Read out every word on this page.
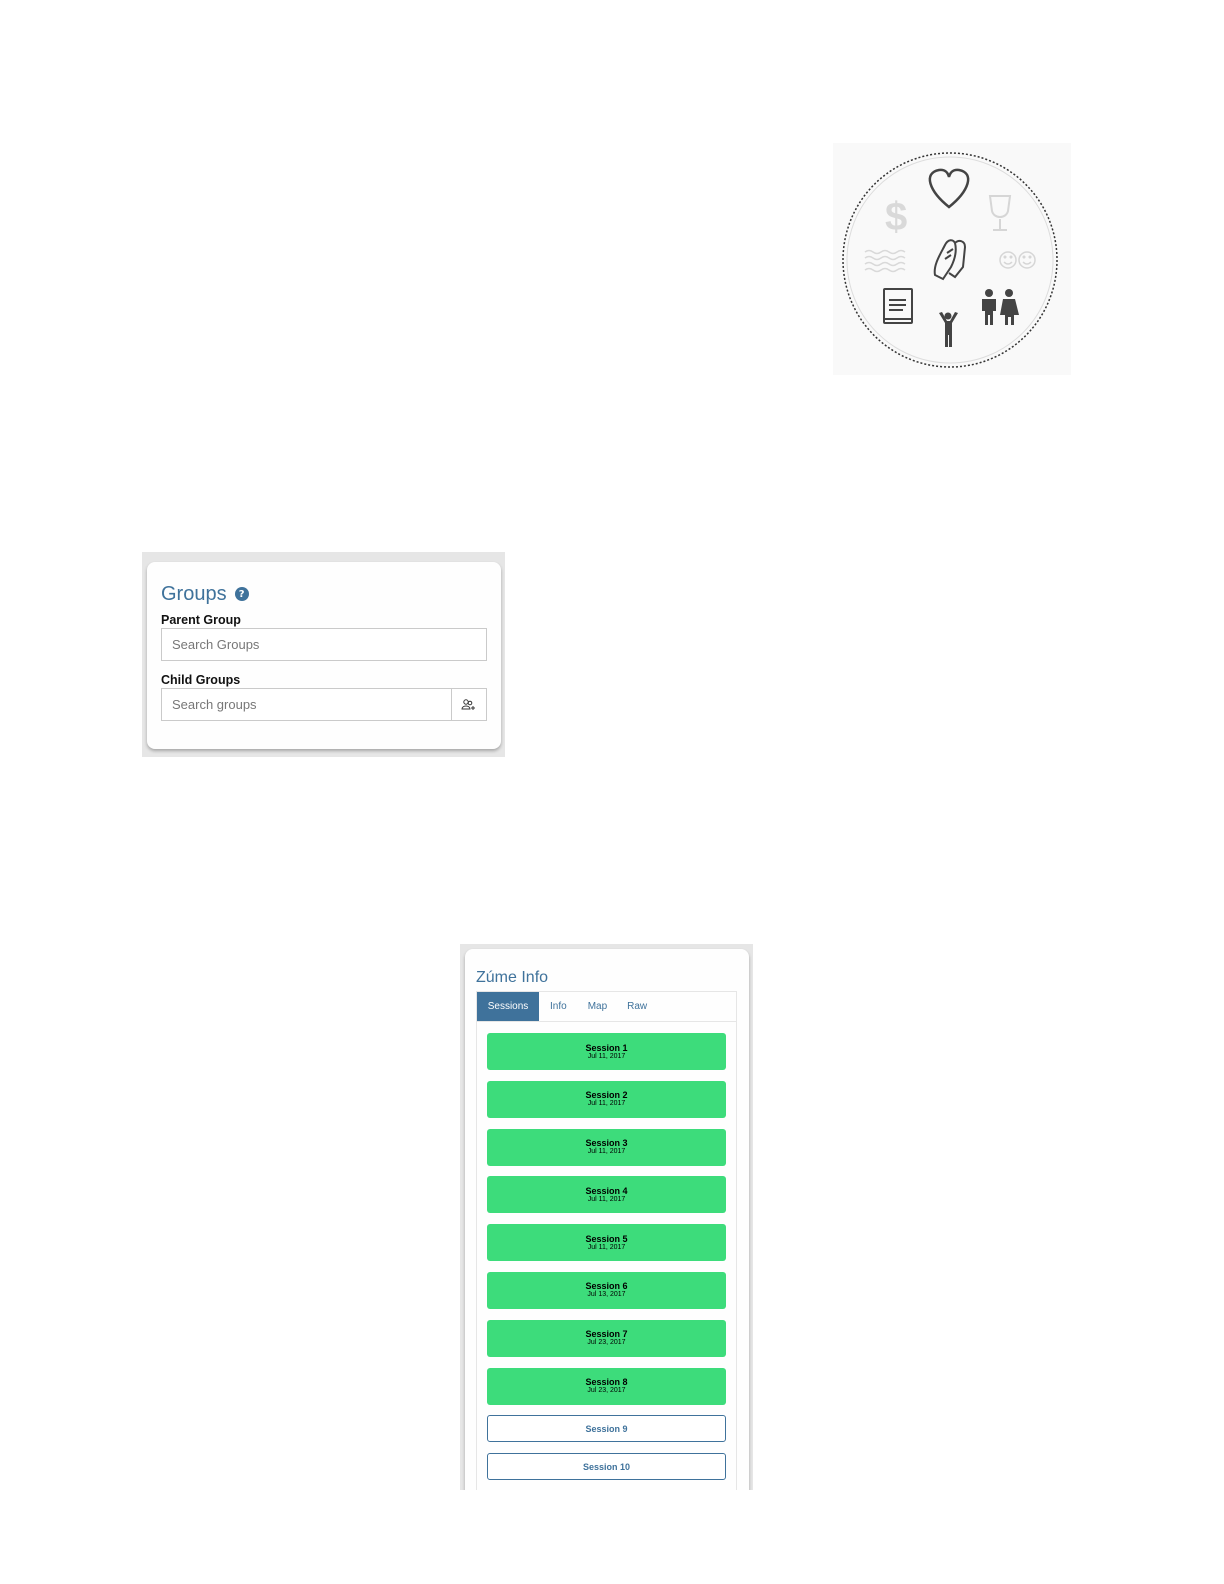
$
Groups	?
Parent Group
Search Groups
Child Groups
Search groups
Zúme Info
Sessions	Info	Map	Raw
Session 1
Jul 11, 2017
Session 2
Jul 11, 2017
Session 3
Jul 11, 2017
Session 4
Jul 11, 2017
Session 5
Jul 11, 2017
Session 6
Jul 13, 2017
Session 7
Jul 23, 2017
Session 8
Jul 23, 2017
Session 9
Session 10
